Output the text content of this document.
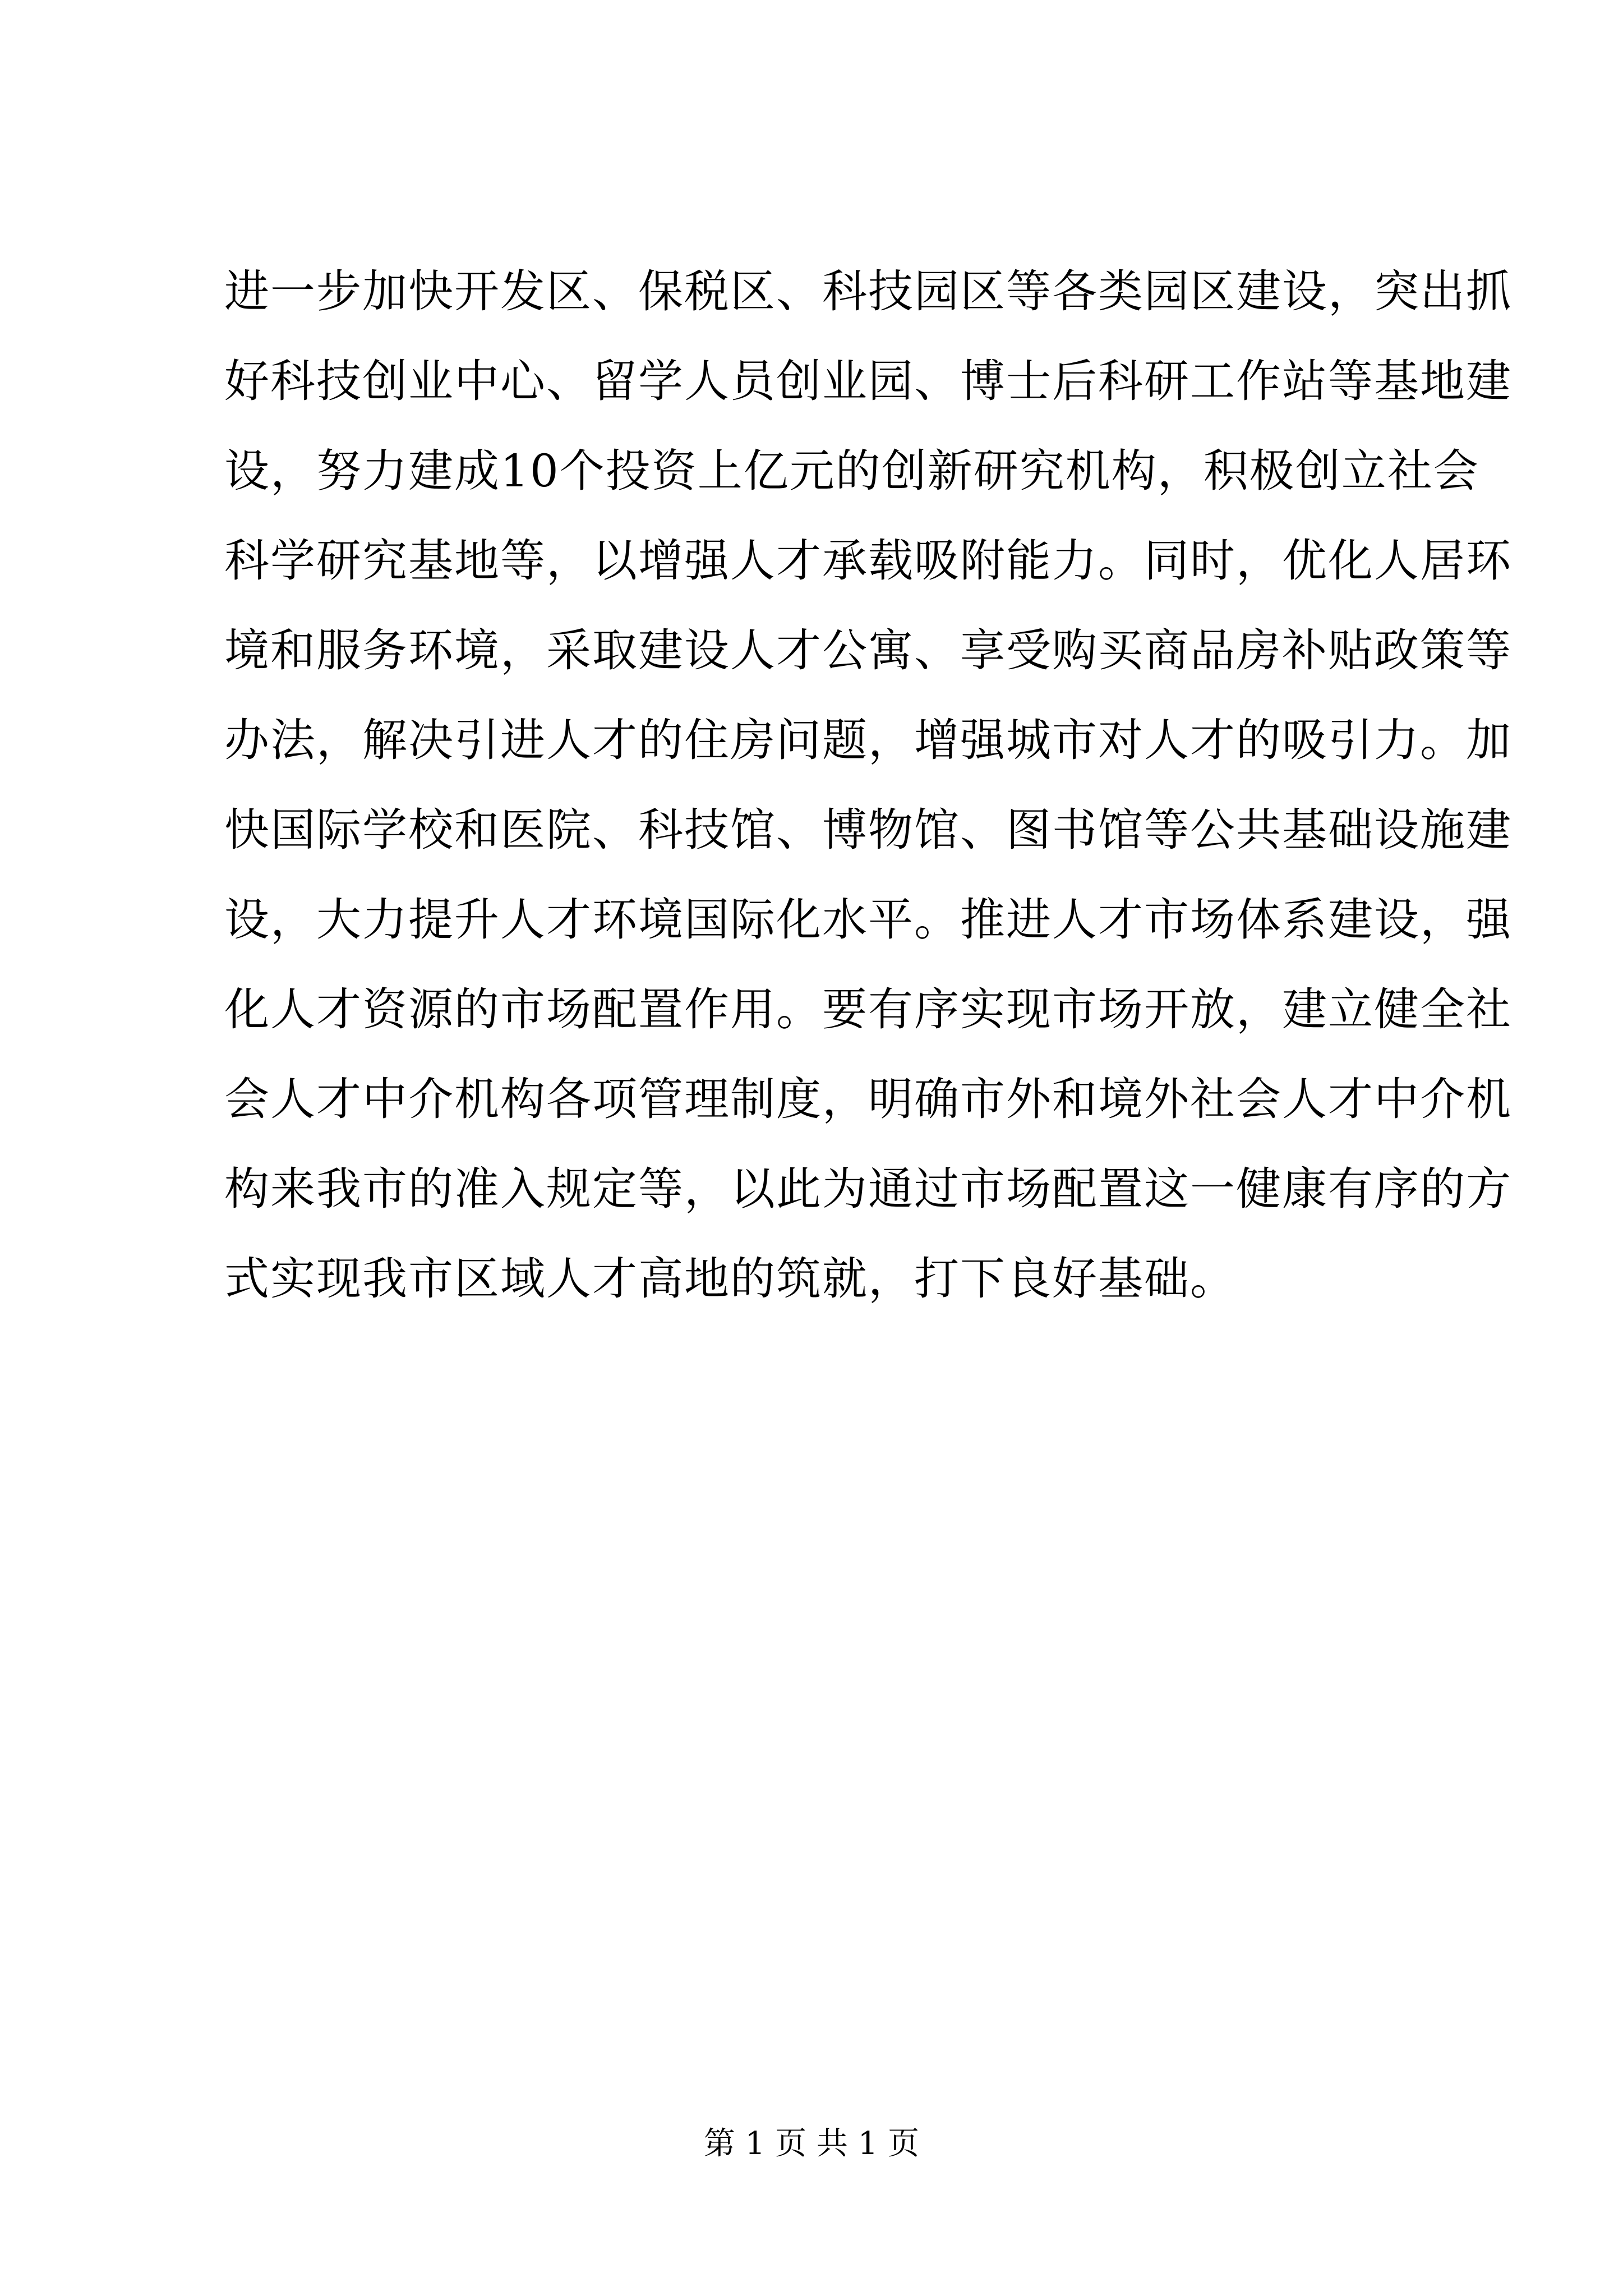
进一步加快开发区、保税区、科技园区等各类园区建设，突出抓
好科技创业中心、留学人员创业园、博士后科研工作站等基地建
设，努力建成10个投资上亿元的创新研究机构，积极创立社会
科学研究基地等，以增强人才承载吸附能力。同时，优化人居环
境和服务环境，采取建设人才公寓、享受购买商品房补贴政策等
办法，解决引进人才的住房问题，增强城市对人才的吸引力。加
快国际学校和医院、科技馆、博物馆、图书馆等公共基础设施建
设，大力提升人才环境国际化水平。推进人才市场体系建设，强
化人才资源的市场配置作用。要有序实现市场开放，建立健全社
会人才中介机构各项管理制度，明确市外和境外社会人才中介机
构来我市的准入规定等，以此为通过市场配置这一健康有序的方
式实现我市区域人才高地的筑就，打下良好基础。
第 1 页 共 1 页
